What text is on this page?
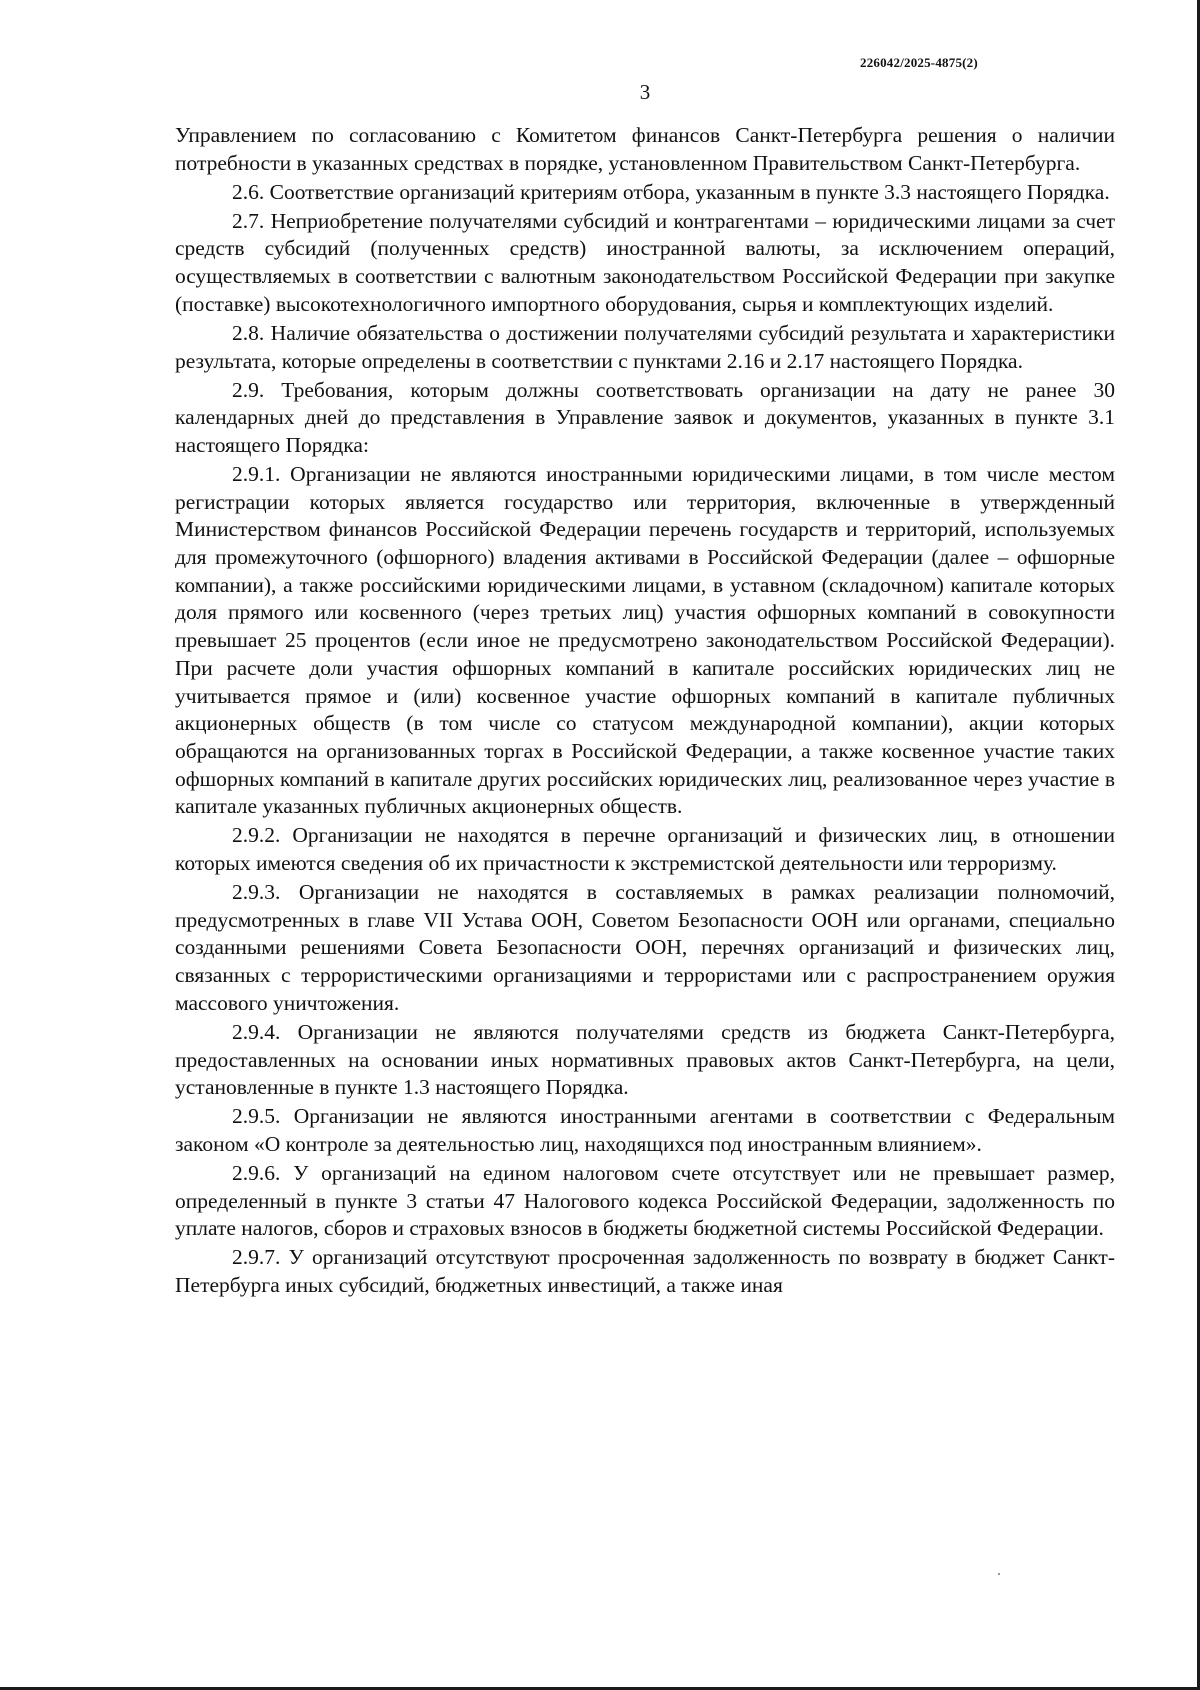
226042/2025-4875(2)
3

Управлением по согласованию с Комитетом финансов Санкт-Петербурга решения о наличии потребности в указанных средствах в порядке, установленном Правительством Санкт-Петербурга.

2.6. Соответствие организаций критериям отбора, указанным в пункте 3.3 настоящего Порядка.

2.7. Неприобретение получателями субсидий и контрагентами – юридическими лицами за счет средств субсидий (полученных средств) иностранной валюты, за исключением операций, осуществляемых в соответствии с валютным законодательством Российской Федерации при закупке (поставке) высокотехнологичного импортного оборудования, сырья и комплектующих изделий.

2.8. Наличие обязательства о достижении получателями субсидий результата и характеристики результата, которые определены в соответствии с пунктами 2.16 и 2.17 настоящего Порядка.

2.9. Требования, которым должны соответствовать организации на дату не ранее 30 календарных дней до представления в Управление заявок и документов, указанных в пункте 3.1 настоящего Порядка:

2.9.1. Организации не являются иностранными юридическими лицами, в том числе местом регистрации которых является государство или территория, включенные в утвержденный Министерством финансов Российской Федерации перечень государств и территорий, используемых для промежуточного (офшорного) владения активами в Российской Федерации (далее – офшорные компании), а также российскими юридическими лицами, в уставном (складочном) капитале которых доля прямого или косвенного (через третьих лиц) участия офшорных компаний в совокупности превышает 25 процентов (если иное не предусмотрено законодательством Российской Федерации). При расчете доли участия офшорных компаний в капитале российских юридических лиц не учитывается прямое и (или) косвенное участие офшорных компаний в капитале публичных акционерных обществ (в том числе со статусом международной компании), акции которых обращаются на организованных торгах в Российской Федерации, а также косвенное участие таких офшорных компаний в капитале других российских юридических лиц, реализованное через участие в капитале указанных публичных акционерных обществ.

2.9.2. Организации не находятся в перечне организаций и физических лиц, в отношении которых имеются сведения об их причастности к экстремистской деятельности или терроризму.

2.9.3. Организации не находятся в составляемых в рамках реализации полномочий, предусмотренных в главе VII Устава ООН, Советом Безопасности ООН или органами, специально созданными решениями Совета Безопасности ООН, перечнях организаций и физических лиц, связанных с террористическими организациями и террористами или с распространением оружия массового уничтожения.

2.9.4. Организации не являются получателями средств из бюджета Санкт-Петербурга, предоставленных на основании иных нормативных правовых актов Санкт-Петербурга, на цели, установленные в пункте 1.3 настоящего Порядка.

2.9.5. Организации не являются иностранными агентами в соответствии с Федеральным законом «О контроле за деятельностью лиц, находящихся под иностранным влиянием».

2.9.6. У организаций на едином налоговом счете отсутствует или не превышает размер, определенный в пункте 3 статьи 47 Налогового кодекса Российской Федерации, задолженность по уплате налогов, сборов и страховых взносов в бюджеты бюджетной системы Российской Федерации.

2.9.7. У организаций отсутствуют просроченная задолженность по возврату в бюджет Санкт-Петербурга иных субсидий, бюджетных инвестиций, а также иная
